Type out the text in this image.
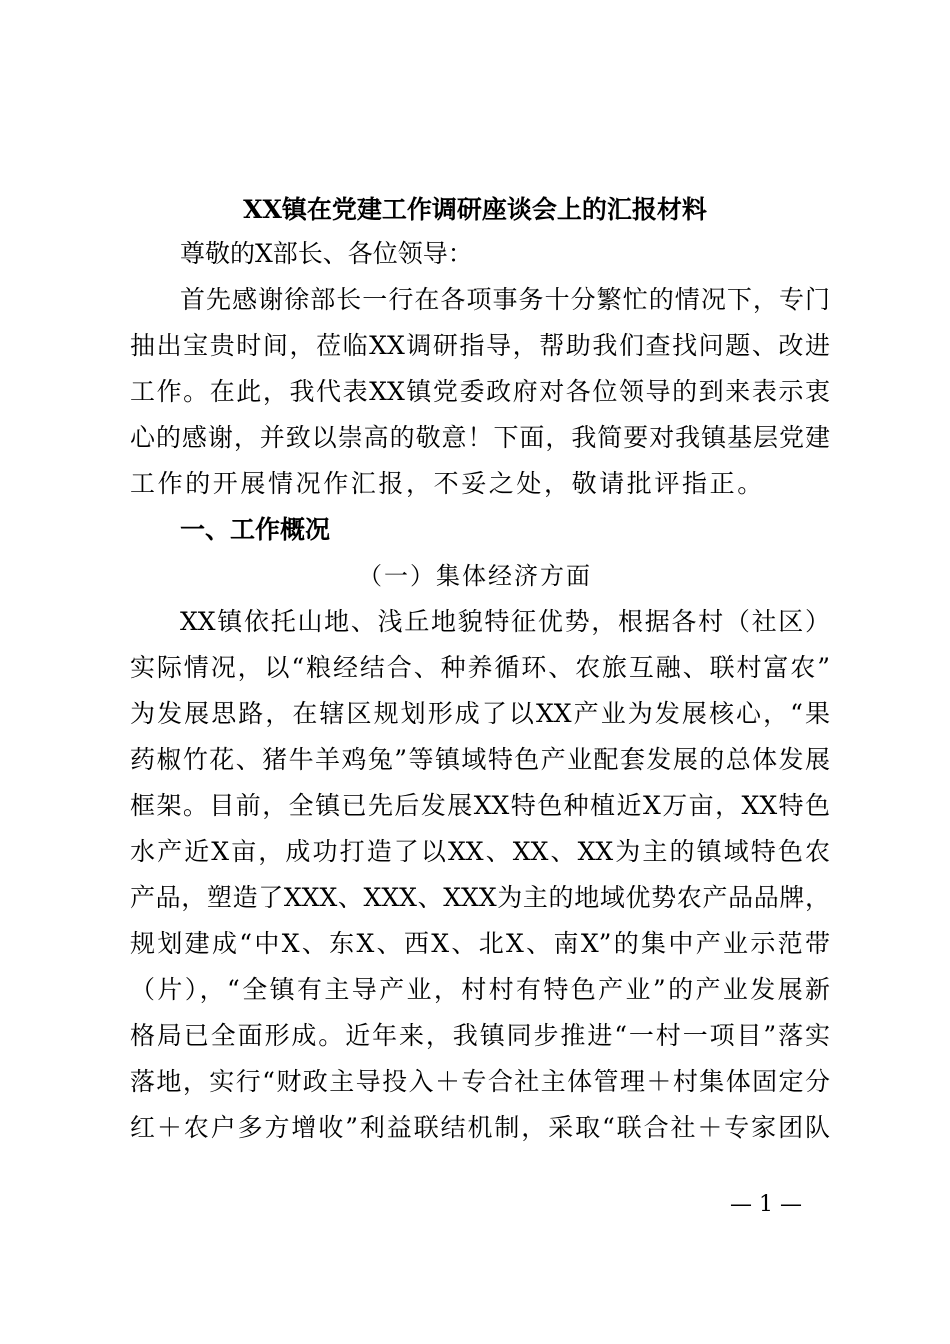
XX镇在党建工作调研座谈会上的汇报材料
尊敬的X部长、各位领导：
首先感谢徐部长一行在各项事务十分繁忙的情况下，专门
抽出宝贵时间，莅临XX调研指导，帮助我们查找问题、改进
工作。在此，我代表XX镇党委政府对各位领导的到来表示衷
心的感谢，并致以崇高的敬意！下面，我简要对我镇基层党建
工作的开展情况作汇报，不妥之处，敬请批评指正。
一、工作概况
（一）集体经济方面
XX镇依托山地、浅丘地貌特征优势，根据各村（社区）
实际情况，以“粮经结合、种养循环、农旅互融、联村富农”
为发展思路，在辖区规划形成了以XX产业为发展核心，“果
药椒竹花、猪牛羊鸡兔”等镇域特色产业配套发展的总体发展
框架。目前，全镇已先后发展XX特色种植近X万亩，XX特色
水产近X亩，成功打造了以XX、XX、XX为主的镇域特色农
产品，塑造了XXX、XXX、XXX为主的地域优势农产品品牌，
规划建成“中X、东X、西X、北X、南X”的集中产业示范带
（片），“全镇有主导产业，村村有特色产业”的产业发展新
格局已全面形成。近年来，我镇同步推进“一村一项目”落实
落地，实行“财政主导投入＋专合社主体管理＋村集体固定分
红＋农户多方增收”利益联结机制，采取“联合社＋专家团队
— 1 —
